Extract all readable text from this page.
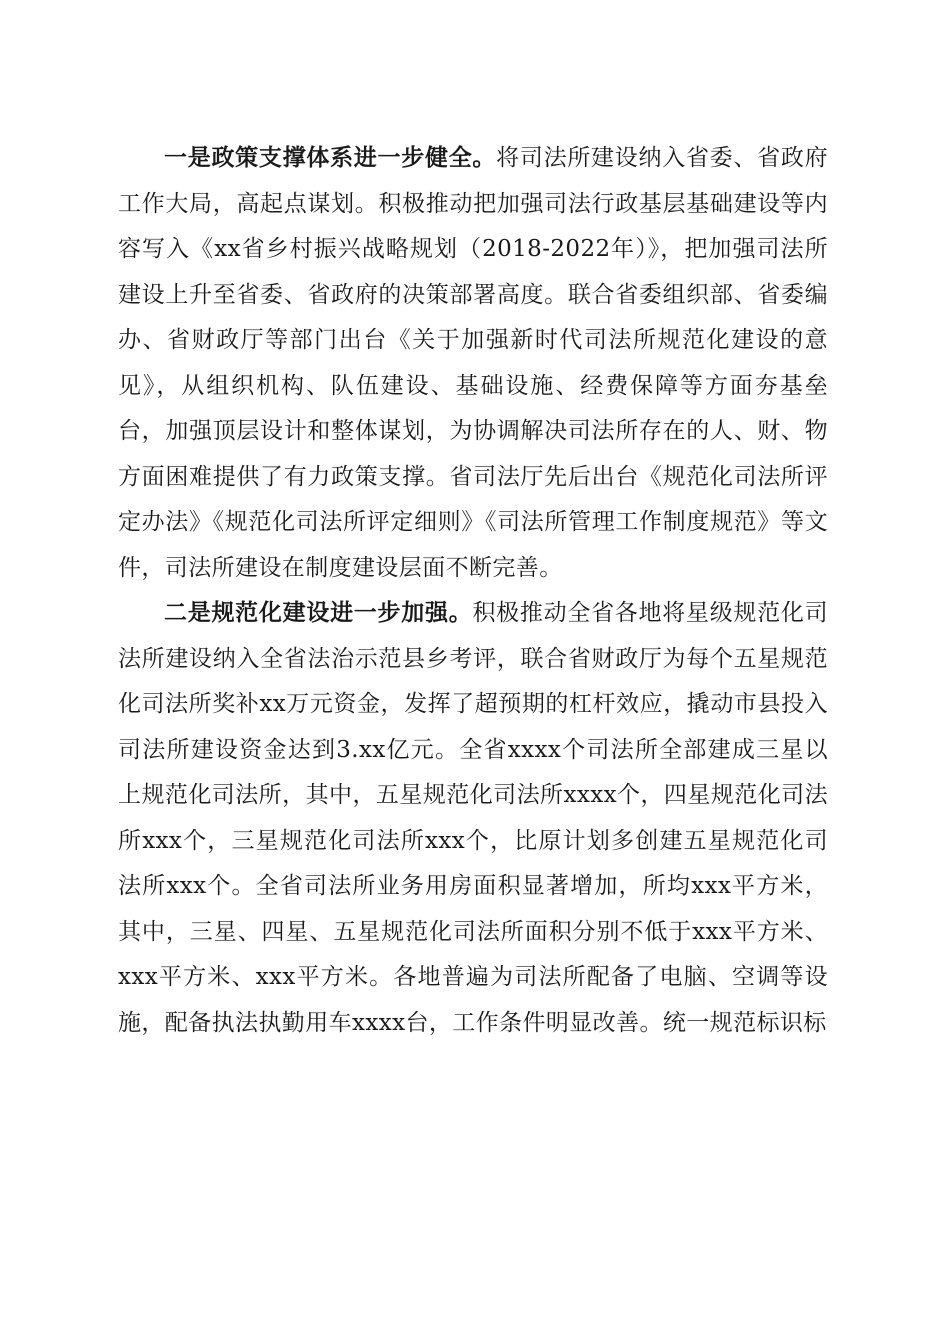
一是政策支撑体系进一步健全。将司法所建设纳入省委、省政府工作大局，高起点谋划。积极推动把加强司法行政基层基础建设等内容写入《xx省乡村振兴战略规划（2018-2022年）》，把加强司法所建设上升至省委、省政府的决策部署高度。联合省委组织部、省委编办、省财政厅等部门出台《关于加强新时代司法所规范化建设的意见》，从组织机构、队伍建设、基础设施、经费保障等方面夯基垒台，加强顶层设计和整体谋划，为协调解决司法所存在的人、财、物方面困难提供了有力政策支撑。省司法厅先后出台《规范化司法所评定办法》《规范化司法所评定细则》《司法所管理工作制度规范》等文件，司法所建设在制度建设层面不断完善。

二是规范化建设进一步加强。积极推动全省各地将星级规范化司法所建设纳入全省法治示范县乡考评，联合省财政厅为每个五星规范化司法所奖补xx万元资金，发挥了超预期的杠杆效应，撬动市县投入司法所建设资金达到3.xx亿元。全省xxxx个司法所全部建成三星以上规范化司法所，其中，五星规范化司法所xxxx个，四星规范化司法所xxx个，三星规范化司法所xxx个，比原计划多创建五星规范化司法所xxx个。全省司法所业务用房面积显著增加，所均xxx平方米，其中，三星、四星、五星规范化司法所面积分别不低于xxx平方米、xxx平方米、xxx平方米。各地普遍为司法所配备了电脑、空调等设施，配备执法执勤用车xxxx台，工作条件明显改善。统一规范标识标
